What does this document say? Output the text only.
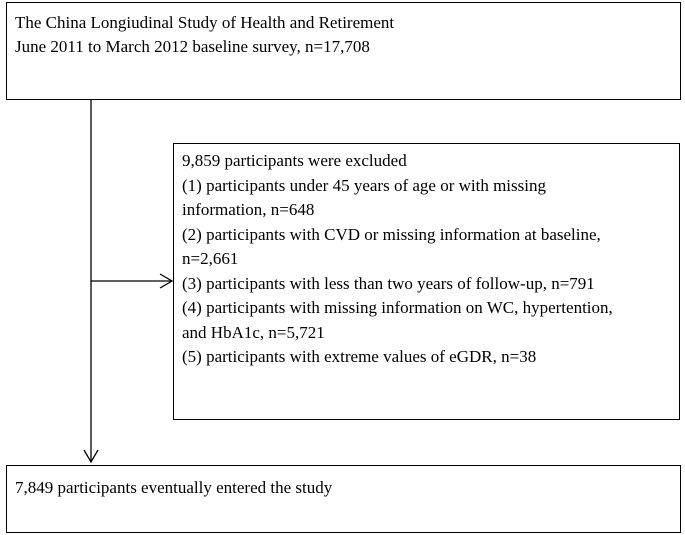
The China Longiudinal Study of Health and Retirement
June 2011 to March 2012 baseline survey, n=17,708
9,859 participants were excluded
(1) participants under 45 years of age or with missing
information, n=648
(2) participants with CVD or missing information at baseline,
n=2,661
(3) participants with less than two years of follow-up, n=791
(4) participants with missing information on WC, hypertention,
and HbA1c, n=5,721
(5) participants with extreme values of eGDR, n=38
7,849 participants eventually entered the study
